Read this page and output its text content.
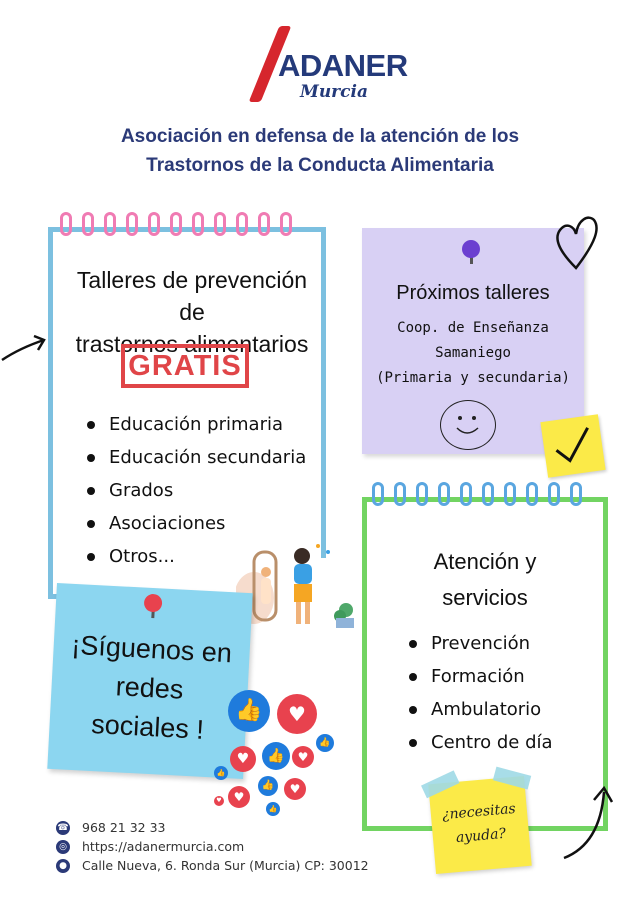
ADANER
Murcia
Asociación en defensa de la atención de los
Trastornos de la Conducta Alimentaria
Talleres de prevención de
trastornos alimentarios
GRATIS
Educación primaria
Educación secundaria
Grados
Asociaciones
Otros...
Próximos talleres
Coop. de Enseñanza
Samaniego
(Primaria y secundaria)
Atención y
servicios
Prevención
Formación
Ambulatorio
Centro de día
¡Síguenos en
redes
sociales !	👍	♥
👍
♥	♥
👍
👍	♥
♥
👍
👍
♥
¿necesitas
ayuda?
☎ 968 21 32 33
◎ https://adanermurcia.com
● Calle Nueva, 6. Ronda Sur (Murcia) CP: 30012
